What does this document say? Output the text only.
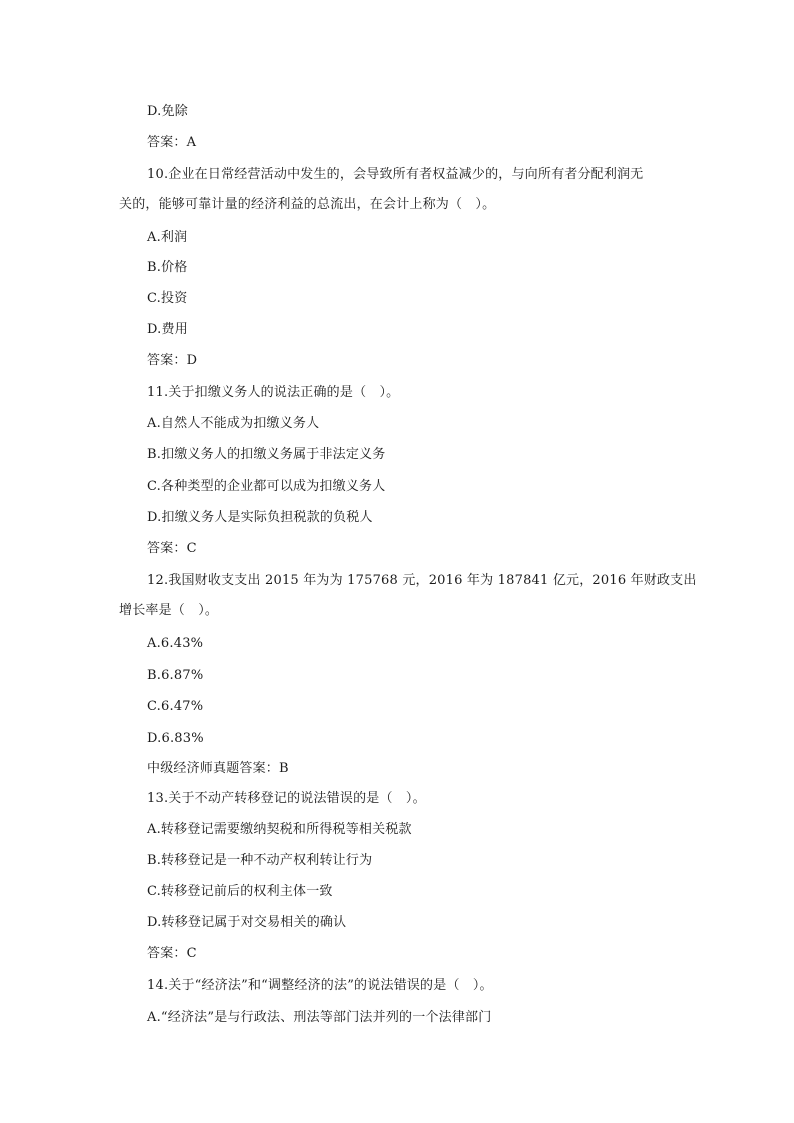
D.免除
答案：A
10.企业在日常经营活动中发生的，会导致所有者权益减少的，与向所有者分配利润无
关的，能够可靠计量的经济利益的总流出，在会计上称为（　）。
A.利润
B.价格
C.投资
D.费用
答案：D
11.关于扣缴义务人的说法正确的是（　）。
A.自然人不能成为扣缴义务人
B.扣缴义务人的扣缴义务属于非法定义务
C.各种类型的企业都可以成为扣缴义务人
D.扣缴义务人是实际负担税款的负税人
答案：C
12.我国财收支支出 2015 年为为 175768 元，2016 年为 187841 亿元，2016 年财政支出
增长率是（　）。
A.6.43%
B.6.87%
C.6.47%
D.6.83%
中级经济师真题答案：B
13.关于不动产转移登记的说法错误的是（　）。
A.转移登记需要缴纳契税和所得税等相关税款
B.转移登记是一种不动产权利转让行为
C.转移登记前后的权利主体一致
D.转移登记属于对交易相关的确认
答案：C
14.关于“经济法”和“调整经济的法”的说法错误的是（　）。
A.“经济法”是与行政法、刑法等部门法并列的一个法律部门
